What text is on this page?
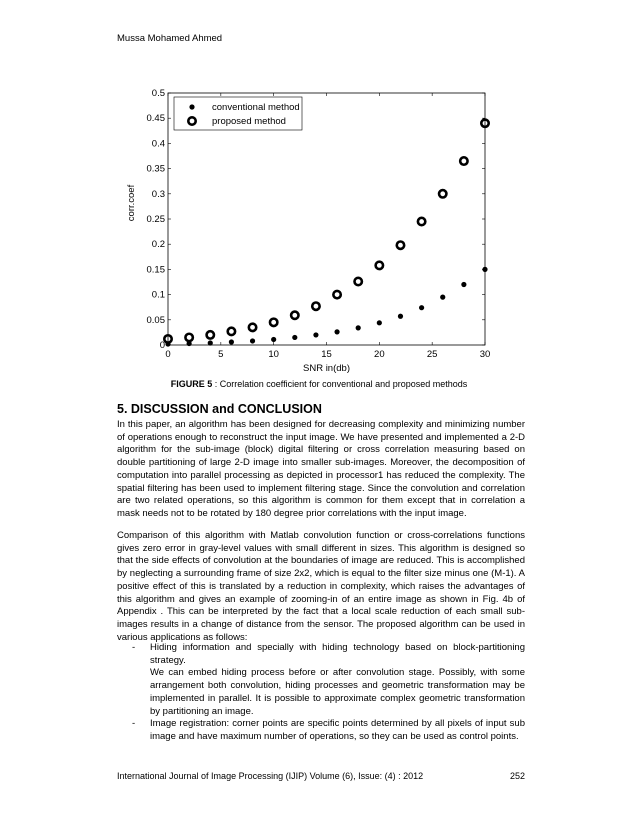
Mussa Mohamed Ahmed
0	5	10	15	20	25	30
0
0.05
0.1
0.15
0.2
0.25
0.3
0.35
0.4
0.45
0.5
SNR in(db)
corr.coef
conventional method
proposed method
FIGURE 5 : Correlation coefficient for conventional and proposed methods
5. DISCUSSION and CONCLUSION

In this paper, an algorithm has been designed for decreasing complexity and minimizing number of operations enough to reconstruct the input image. We have presented and implemented a 2-D algorithm for the sub-image (block) digital filtering or cross correlation measuring based on double partitioning of large 2-D image into smaller sub-images. Moreover, the decomposition of computation into parallel processing as depicted in processor1 has reduced the complexity. The spatial filtering has been used to implement filtering stage. Since the convolution and correlation are two related operations, so this algorithm is common for them except that in correlation a mask needs not to be rotated by 180 degree prior correlations with the input image.

Comparison of this algorithm with Matlab convolution function or cross-correlations functions gives zero error in gray-level values with small different in sizes. This algorithm is designed so that the side effects of convolution at the boundaries of image are reduced. This is accomplished by neglecting a surrounding frame of size 2x2, which is equal to the filter size minus one (M-1). A positive effect of this is translated by a reduction in complexity, which raises the advantages of this algorithm and gives an example of zooming-in of an entire image as shown in Fig. 4b of Appendix . This can be interpreted by the fact that a local scale reduction of each small sub-images results in a change of distance from the sensor. The proposed algorithm can be used in various applications as follows:

- Hiding information and specially with hiding technology based on block-partitioning strategy.

We can embed hiding process before or after convolution stage. Possibly, with some arrangement both convolution, hiding processes and geometric transformation may be implemented in parallel. It is possible to approximate complex geometric transformation by partitioning an image.

- Image registration: corner points are specific points determined by all pixels of input sub image and have maximum number of operations, so they can be used as control points.

International Journal of Image Processing (IJIP) Volume (6), Issue: (4) : 2012	252
